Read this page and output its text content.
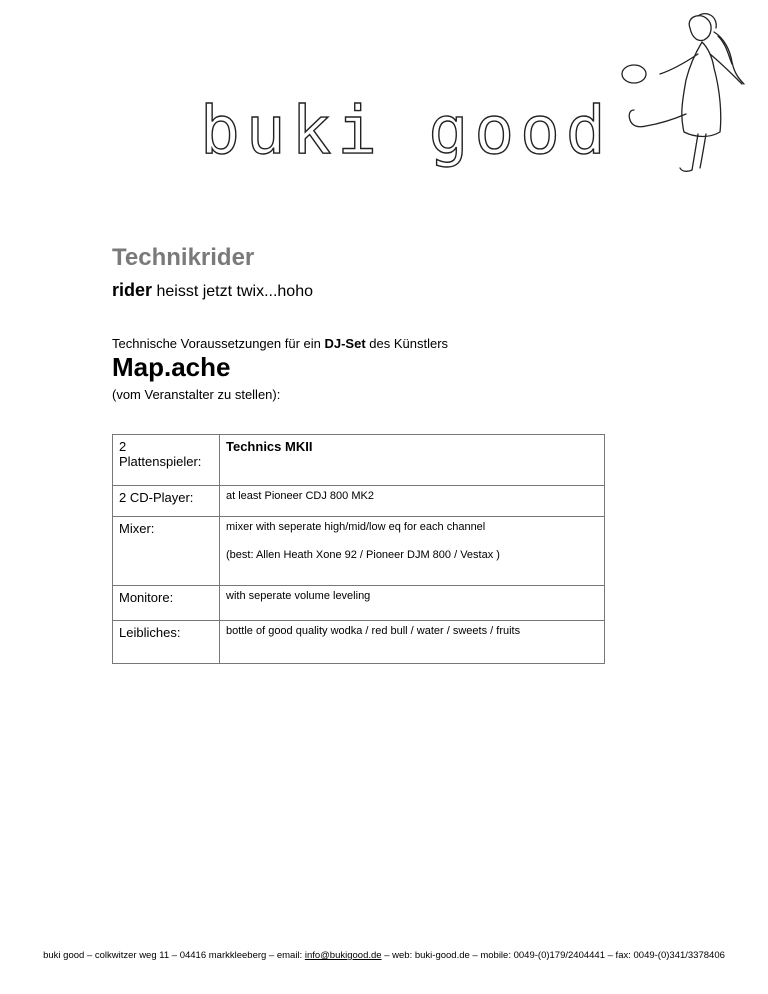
buki good
Technikrider
rider heisst jetzt twix...hoho
Technische Voraussetzungen für ein DJ-Set des Künstlers
Map.ache
(vom Veranstalter zu stellen):
2
Plattenspieler:	Technics MKII
2 CD-Player:	at least Pioneer CDJ 800 MK2
Mixer:	mixer with seperate high/mid/low eq for each channel
(best: Allen Heath Xone 92 / Pioneer DJM 800 / Vestax )

Monitore:	with seperate volume leveling
Leibliches:	bottle of good quality wodka / red bull / water / sweets / fruits
buki good – colkwitzer weg 11 – 04416 markkleeberg – email: info@bukigood.de – web: buki-good.de – mobile: 0049-(0)179/2404441 – fax: 0049-(0)341/3378406
